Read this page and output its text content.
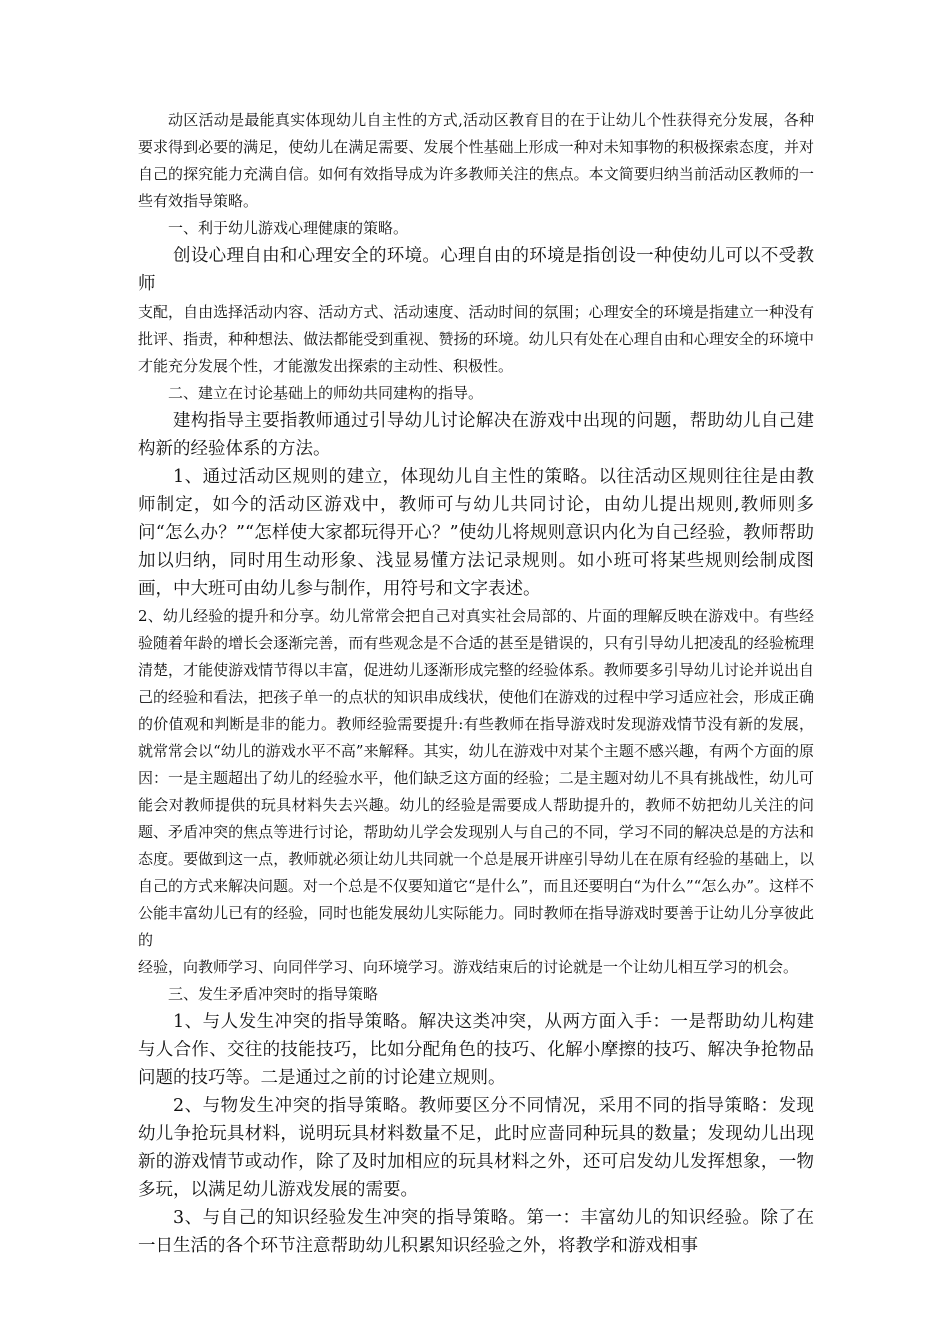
动区活动是最能真实体现幼儿自主性的方式,活动区教育目的在于让幼儿个性获得充分发展，各种要求得到必要的满足，使幼儿在满足需要、发展个性基础上形成一种对未知事物的积极探索态度，并对自己的探究能力充满自信。如何有效指导成为许多教师关注的焦点。本文简要归纳当前活动区教师的一些有效指导策略。

一、利于幼儿游戏心理健康的策略。

创设心理自由和心理安全的环境。心理自由的环境是指创设一种使幼儿可以不受教师

支配，自由选择活动内容、活动方式、活动速度、活动时间的氛围；心理安全的环境是指建立一种没有批评、指责，种种想法、做法都能受到重视、赞扬的环境。幼儿只有处在心理自由和心理安全的环境中才能充分发展个性，才能激发出探索的主动性、积极性。

二、建立在讨论基础上的师幼共同建构的指导。

建构指导主要指教师通过引导幼儿讨论解决在游戏中出现的问题，帮助幼儿自己建构新的经验体系的方法。

1、通过活动区规则的建立，体现幼儿自主性的策略。以往活动区规则往往是由教师制定，如今的活动区游戏中，教师可与幼儿共同讨论，由幼儿提出规则,教师则多问“怎么办？”“怎样使大家都玩得开心？”使幼儿将规则意识内化为自己经验，教师帮助加以归纳，同时用生动形象、浅显易懂方法记录规则。如小班可将某些规则绘制成图画，中大班可由幼儿参与制作，用符号和文字表述。

2、幼儿经验的提升和分享。幼儿常常会把自己对真实社会局部的、片面的理解反映在游戏中。有些经验随着年龄的增长会逐渐完善，而有些观念是不合适的甚至是错误的，只有引导幼儿把凌乱的经验梳理清楚，才能使游戏情节得以丰富，促进幼儿逐渐形成完整的经验体系。教师要多引导幼儿讨论并说出自己的经验和看法，把孩子单一的点状的知识串成线状，使他们在游戏的过程中学习适应社会，形成正确的价值观和判断是非的能力。教师经验需要提升:有些教师在指导游戏时发现游戏情节没有新的发展，就常常会以“幼儿的游戏水平不高”来解释。其实，幼儿在游戏中对某个主题不感兴趣，有两个方面的原因：一是主题超出了幼儿的经验水平，他们缺乏这方面的经验；二是主题对幼儿不具有挑战性，幼儿可能会对教师提供的玩具材料失去兴趣。幼儿的经验是需要成人帮助提升的，教师不妨把幼儿关注的问题、矛盾冲突的焦点等进行讨论，帮助幼儿学会发现别人与自己的不同，学习不同的解决总是的方法和态度。要做到这一点，教师就必须让幼儿共同就一个总是展开讲座引导幼儿在在原有经验的基础上，以自己的方式来解决问题。对一个总是不仅要知道它“是什么”，而且还要明白“为什么”“怎么办”。这样不公能丰富幼儿已有的经验，同时也能发展幼儿实际能力。同时教师在指导游戏时要善于让幼儿分享彼此的

经验，向教师学习、向同伴学习、向环境学习。游戏结束后的讨论就是一个让幼儿相互学习的机会。

三、发生矛盾冲突时的指导策略

1、与人发生冲突的指导策略。解决这类冲突，从两方面入手：一是帮助幼儿构建与人合作、交往的技能技巧，比如分配角色的技巧、化解小摩擦的技巧、解决争抢物品问题的技巧等。二是通过之前的讨论建立规则。

2、与物发生冲突的指导策略。教师要区分不同情况，采用不同的指导策略：发现幼儿争抢玩具材料，说明玩具材料数量不足，此时应啬同种玩具的数量；发现幼儿出现新的游戏情节或动作，除了及时加相应的玩具材料之外，还可启发幼儿发挥想象，一物多玩，以满足幼儿游戏发展的需要。

3、与自己的知识经验发生冲突的指导策略。第一：丰富幼儿的知识经验。除了在一日生活的各个环节注意帮助幼儿积累知识经验之外，将教学和游戏相事
